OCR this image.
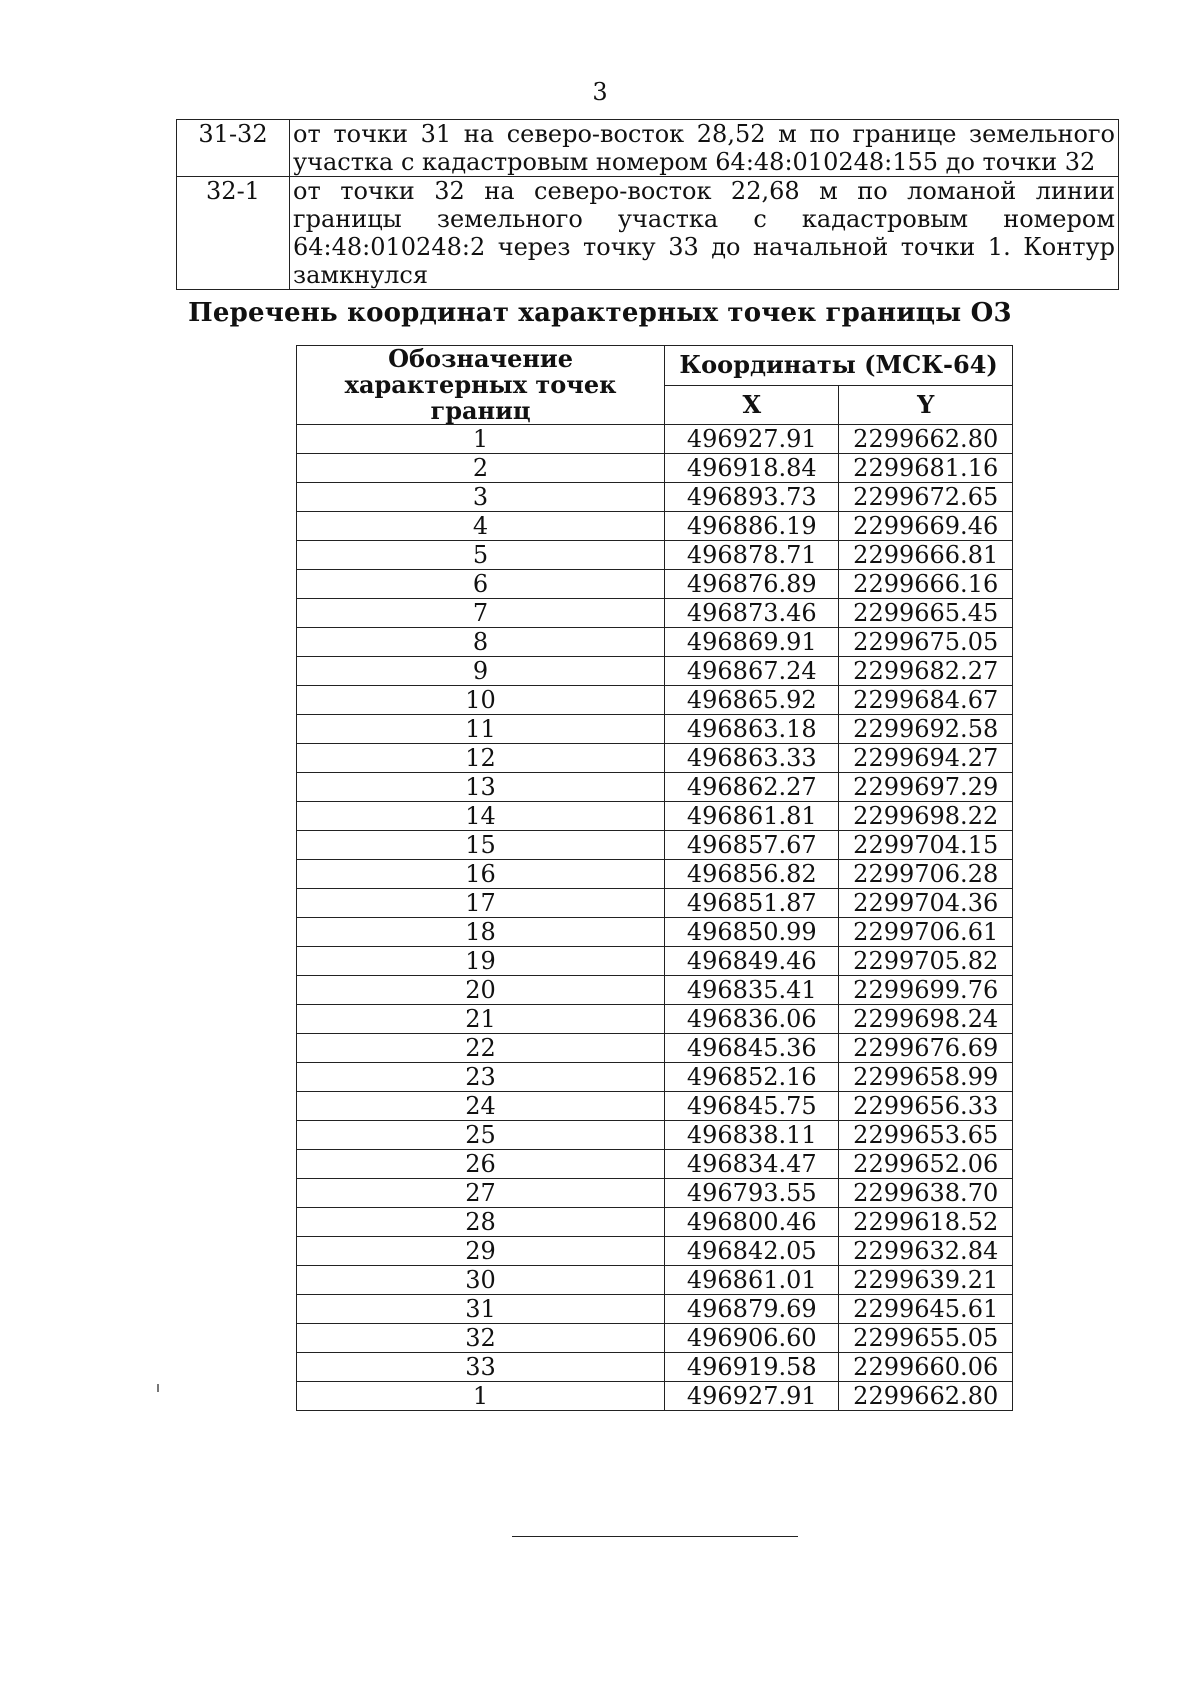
3
31-32	от точки 31 на северо-восток 28,52 м по границе земельного участка с кадастровым номером 64:48:010248:155 до точки 32
32-1	от точки 32 на северо-восток 22,68 м по ломаной линии границы земельного участка с кадастровым номером 64:48:010248:2 через точку 33 до начальной точки 1. Контур замкнулся
Перечень координат характерных точек границы О3
Обозначение характерных точек границ	Координаты (МСК-64)	
	X	Y
1	496927.91	2299662.80
2	496918.84	2299681.16
3	496893.73	2299672.65
4	496886.19	2299669.46
5	496878.71	2299666.81
6	496876.89	2299666.16
7	496873.46	2299665.45
8	496869.91	2299675.05
9	496867.24	2299682.27
10	496865.92	2299684.67
11	496863.18	2299692.58
12	496863.33	2299694.27
13	496862.27	2299697.29
14	496861.81	2299698.22
15	496857.67	2299704.15
16	496856.82	2299706.28
17	496851.87	2299704.36
18	496850.99	2299706.61
19	496849.46	2299705.82
20	496835.41	2299699.76
21	496836.06	2299698.24
22	496845.36	2299676.69
23	496852.16	2299658.99
24	496845.75	2299656.33
25	496838.11	2299653.65
26	496834.47	2299652.06
27	496793.55	2299638.70
28	496800.46	2299618.52
29	496842.05	2299632.84
30	496861.01	2299639.21
31	496879.69	2299645.61
32	496906.60	2299655.05
33	496919.58	2299660.06
1	496927.91	2299662.80
